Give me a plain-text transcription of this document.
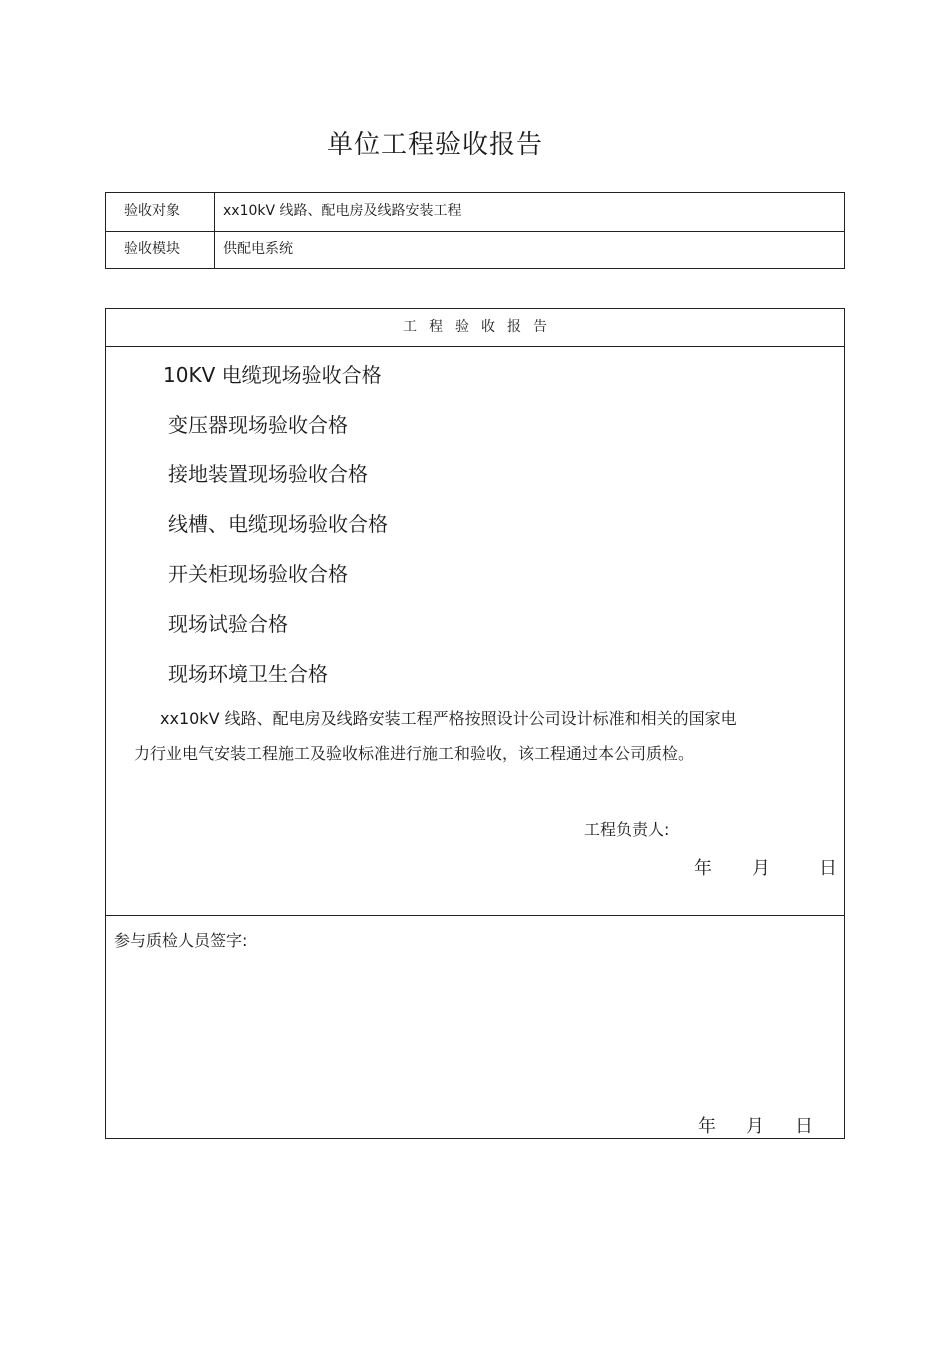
单位工程验收报告
验收对象	xx10kV 线路、配电房及线路安装工程
验收模块	供配电系统
工程验收报告
10KV 电缆现场验收合格
变压器现场验收合格
接地装置现场验收合格
线槽、电缆现场验收合格
开关柜现场验收合格
现场试验合格
现场环境卫生合格
xx10kV 线路、配电房及线路安装工程严格按照设计公司设计标准和相关的国家电
力行业电气安装工程施工及验收标准进行施工和验收，该工程通过本公司质检。
工程负责人:
年 月	日
参与质检人员签字:
年 月 日
